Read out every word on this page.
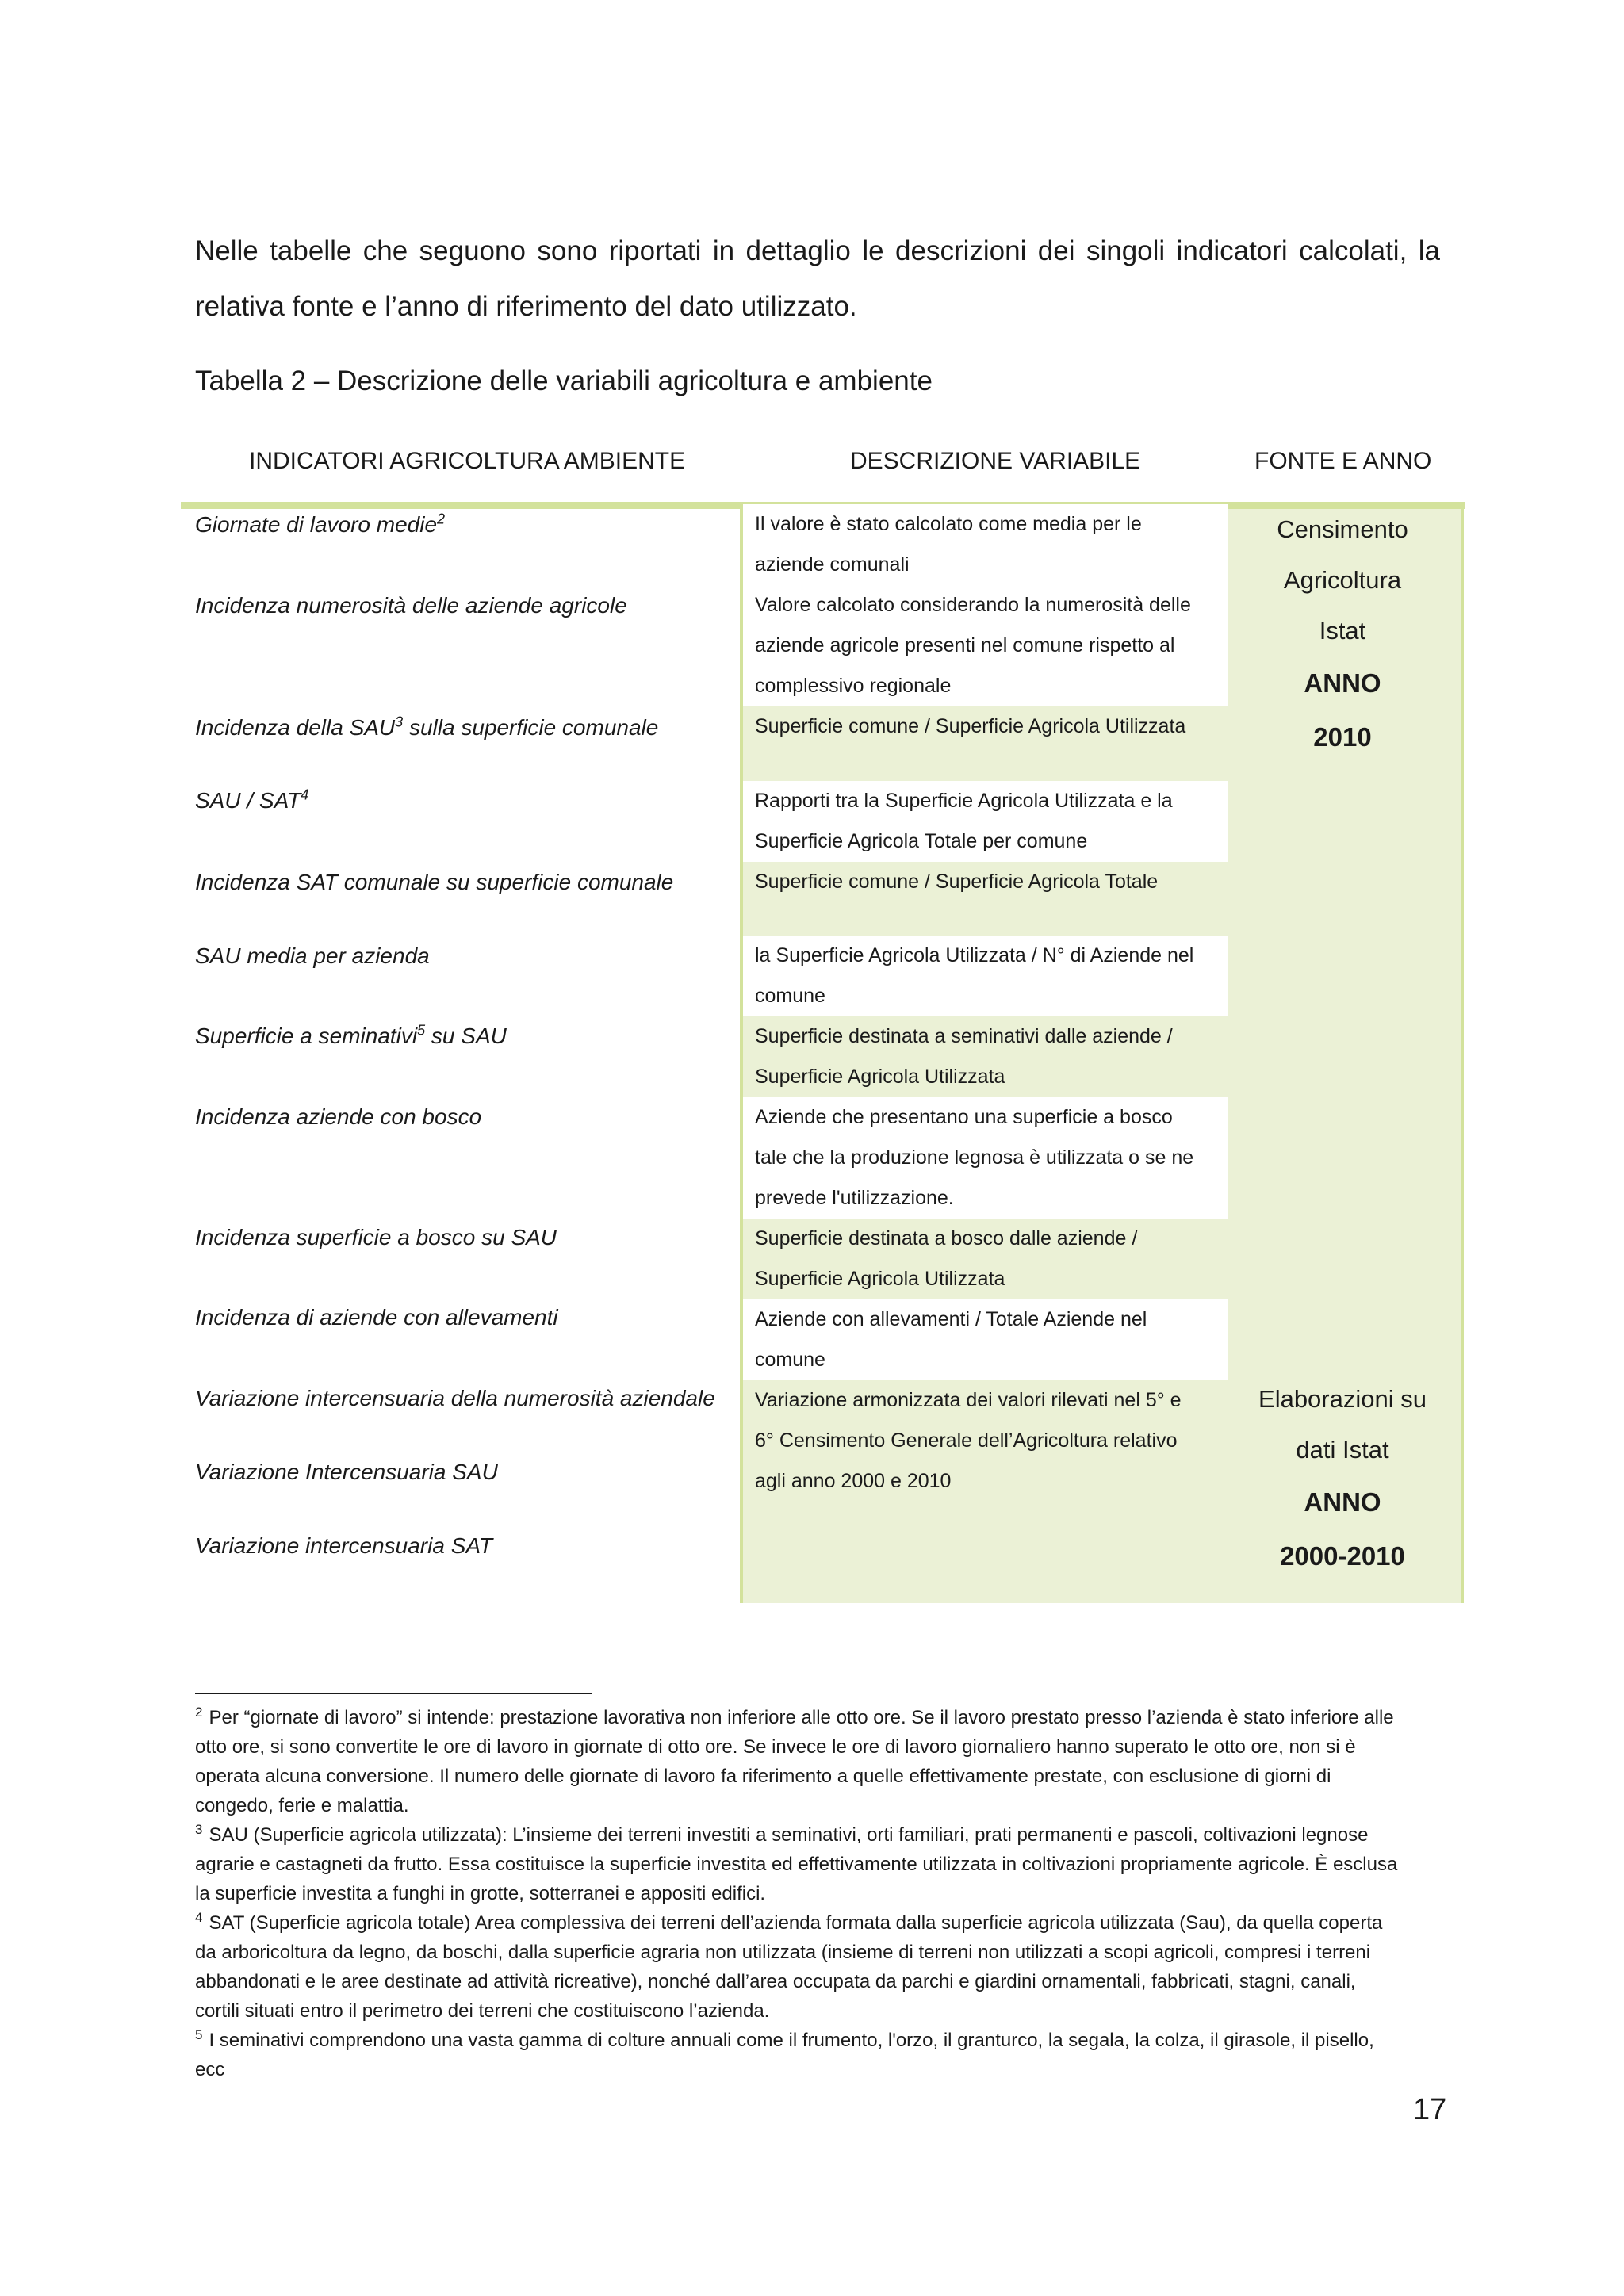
Nelle tabelle che seguono sono riportati in dettaglio le descrizioni dei singoli indicatori calcolati, la relativa fonte e l’anno di riferimento del dato utilizzato.
Tabella 2 – Descrizione delle variabili agricoltura e ambiente
INDICATORI AGRICOLTURA AMBIENTE	DESCRIZIONE VARIABILE	FONTE E ANNO
Giornate di lavoro medie$^2$
Incidenza numerosità delle aziende agricole
Incidenza della SAU$^3$ sulla superficie comunale
SAU / SAT$^4$
Incidenza SAT comunale su superficie comunale
SAU media per azienda
Superficie a seminativi$^5$ su SAU
Incidenza aziende con bosco
Incidenza superficie a bosco su SAU
Incidenza di aziende con allevamenti
Variazione intercensuaria della numerosità aziendale
Variazione Intercensuaria SAU
Variazione intercensuaria SAT
Il valore è stato calcolato come media per le
aziende comunali
Valore calcolato considerando la numerosità delle
aziende agricole presenti nel comune rispetto al
complessivo regionale
Superficie comune / Superficie Agricola Utilizzata
Rapporti tra la Superficie Agricola Utilizzata e la
Superficie Agricola Totale per comune
Superficie comune / Superficie Agricola Totale
la Superficie Agricola Utilizzata / N° di Aziende nel
comune
Superficie destinata a seminativi dalle aziende /
Superficie Agricola Utilizzata
Aziende che presentano una superficie a bosco
tale che la produzione legnosa è utilizzata o se ne
prevede l'utilizzazione.
Superficie destinata a bosco dalle aziende /
Superficie Agricola Utilizzata
Aziende con allevamenti / Totale Aziende nel
comune
Variazione armonizzata dei valori rilevati nel 5° e
6° Censimento Generale dell’Agricoltura relativo
agli anno 2000 e 2010
Censimento
Agricoltura
Istat
ANNO
2010
Elaborazioni su
dati Istat
ANNO
2000-2010
$^2$ Per “giornate di lavoro” si intende: prestazione lavorativa non inferiore alle otto ore. Se il lavoro prestato presso l’azienda è stato inferiore alle otto ore, si sono convertite le ore di lavoro in giornate di otto ore. Se invece le ore di lavoro giornaliero hanno superato le otto ore, non si è operata alcuna conversione. Il numero delle giornate di lavoro fa riferimento a quelle effettivamente prestate, con esclusione di giorni di congedo, ferie e malattia.
$^3$ SAU (Superficie agricola utilizzata): L’insieme dei terreni investiti a seminativi, orti familiari, prati permanenti e pascoli, coltivazioni legnose agrarie e castagneti da frutto. Essa costituisce la superficie investita ed effettivamente utilizzata in coltivazioni propriamente agricole. È esclusa la superficie investita a funghi in grotte, sotterranei e appositi edifici.
$^4$ SAT (Superficie agricola totale) Area complessiva dei terreni dell’azienda formata dalla superficie agricola utilizzata (Sau), da quella coperta da arboricoltura da legno, da boschi, dalla superficie agraria non utilizzata (insieme di terreni non utilizzati a scopi agricoli, compresi i terreni abbandonati e le aree destinate ad attività ricreative), nonché dall’area occupata da parchi e giardini ornamentali, fabbricati, stagni, canali, cortili situati entro il perimetro dei terreni che costituiscono l’azienda.
$^5$ I seminativi comprendono una vasta gamma di colture annuali come il frumento, l'orzo, il granturco, la segala, la colza, il girasole, il pisello, ecc
17
